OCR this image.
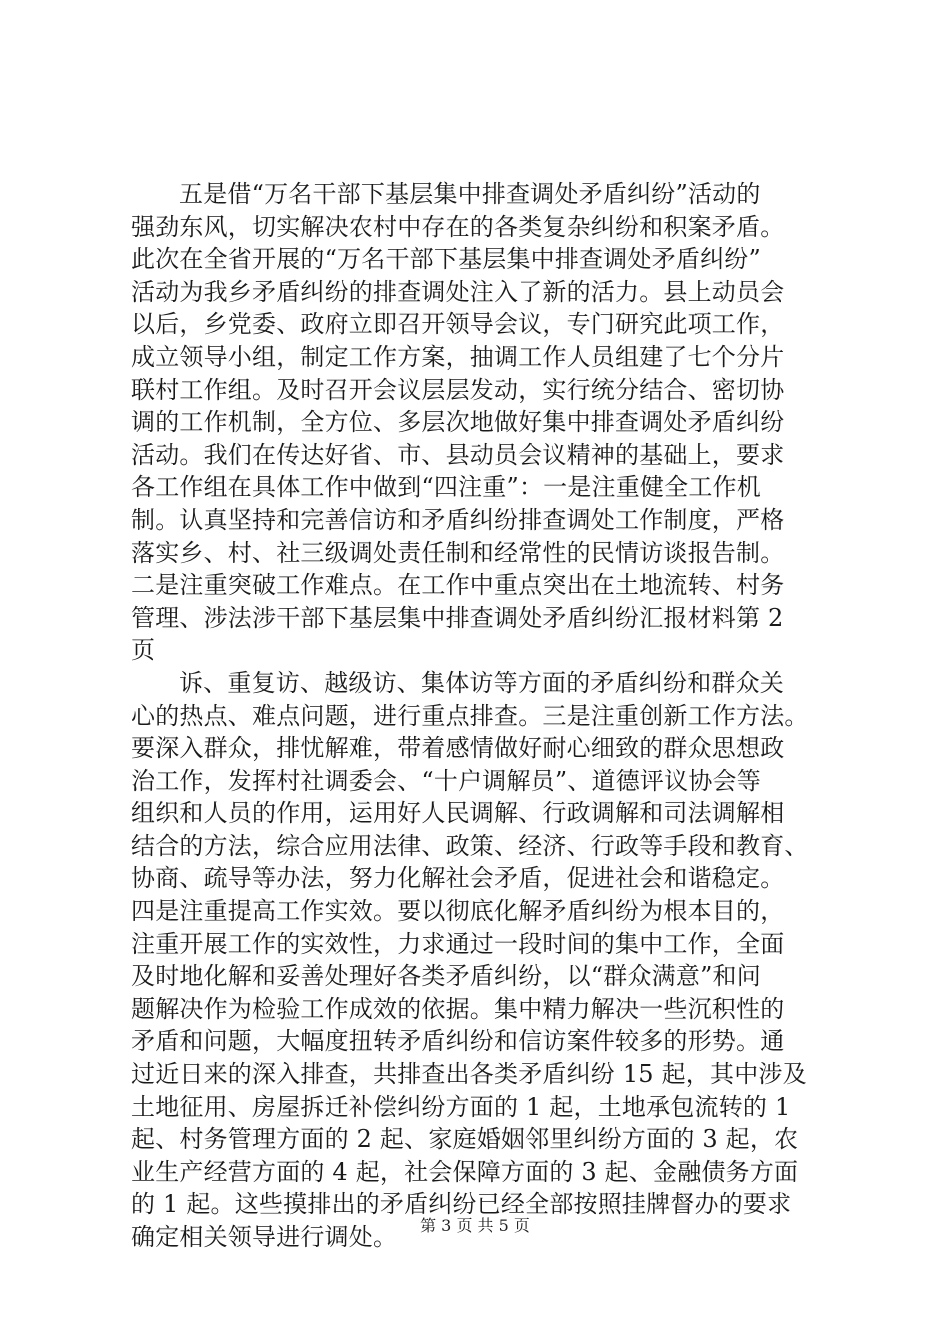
五是借“万名干部下基层集中排查调处矛盾纠纷”活动的
强劲东风，切实解决农村中存在的各类复杂纠纷和积案矛盾。
此次在全省开展的“万名干部下基层集中排查调处矛盾纠纷”
活动为我乡矛盾纠纷的排查调处注入了新的活力。县上动员会
以后，乡党委、政府立即召开领导会议，专门研究此项工作，
成立领导小组，制定工作方案，抽调工作人员组建了七个分片
联村工作组。及时召开会议层层发动，实行统分结合、密切协
调的工作机制，全方位、多层次地做好集中排查调处矛盾纠纷
活动。我们在传达好省、市、县动员会议精神的基础上，要求
各工作组在具体工作中做到“四注重”：一是注重健全工作机
制。认真坚持和完善信访和矛盾纠纷排查调处工作制度，严格
落实乡、村、社三级调处责任制和经常性的民情访谈报告制。
二是注重突破工作难点。在工作中重点突出在土地流转、村务
管理、涉法涉干部下基层集中排查调处矛盾纠纷汇报材料第 2
页
诉、重复访、越级访、集体访等方面的矛盾纠纷和群众关
心的热点、难点问题，进行重点排查。三是注重创新工作方法。
要深入群众，排忧解难，带着感情做好耐心细致的群众思想政
治工作，发挥村社调委会、“十户调解员”、道德评议协会等
组织和人员的作用，运用好人民调解、行政调解和司法调解相
结合的方法，综合应用法律、政策、经济、行政等手段和教育、
协商、疏导等办法，努力化解社会矛盾，促进社会和谐稳定。
四是注重提高工作实效。要以彻底化解矛盾纠纷为根本目的，
注重开展工作的实效性，力求通过一段时间的集中工作，全面
及时地化解和妥善处理好各类矛盾纠纷，以“群众满意”和问
题解决作为检验工作成效的依据。集中精力解决一些沉积性的
矛盾和问题，大幅度扭转矛盾纠纷和信访案件较多的形势。通
过近日来的深入排查，共排查出各类矛盾纠纷 15 起，其中涉及
土地征用、房屋拆迁补偿纠纷方面的 1 起，土地承包流转的 1
起、村务管理方面的 2 起、家庭婚姻邻里纠纷方面的 3 起，农
业生产经营方面的 4 起，社会保障方面的 3 起、金融债务方面
的 1 起。这些摸排出的矛盾纠纷已经全部按照挂牌督办的要求
确定相关领导进行调处。	第 3 页 共 5 页
